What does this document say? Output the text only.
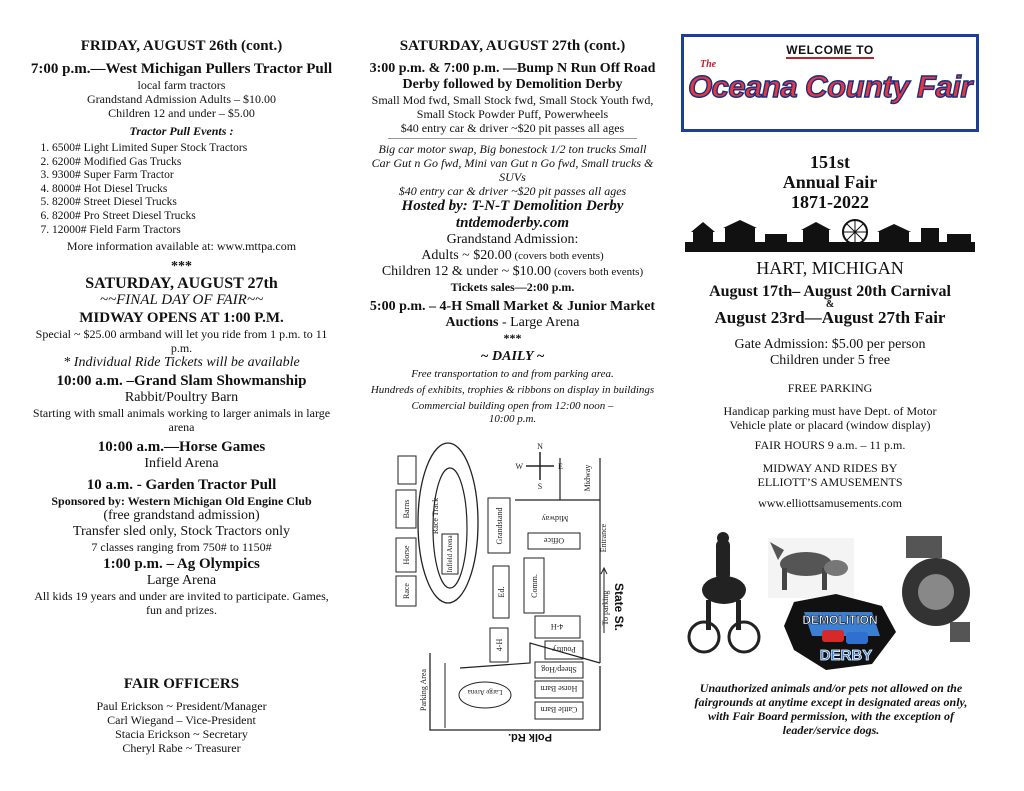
FRIDAY, AUGUST 26th (cont.)
7:00 p.m.—West Michigan Pullers Tractor Pull
local farm tractors
Grandstand Admission Adults – $10.00
Children 12 and under – $5.00
Tractor Pull Events :
1. 6500# Light Limited Super Stock Tractors
2. 6200# Modified Gas Trucks
3. 9300# Super Farm Tractor
4. 8000# Hot Diesel Trucks
5. 8200# Street Diesel Trucks
6. 8200# Pro Street Diesel Trucks
7. 12000# Field Farm Tractors
More information available at: www.mttpa.com
***
SATURDAY, AUGUST 27th
~~FINAL DAY OF FAIR~~
MIDWAY OPENS AT 1:00 P.M.
Special ~ $25.00 armband will let you ride from 1 p.m. to 11 p.m.
* Individual Ride Tickets will be available
10:00 a.m. –Grand Slam Showmanship
Rabbit/Poultry Barn
Starting with small animals working to larger animals in large arena
10:00 a.m.—Horse Games
Infield Arena
10 a.m. - Garden Tractor Pull
Sponsored by: Western Michigan Old Engine Club
(free grandstand admission)
Transfer sled only, Stock Tractors only
7 classes ranging from 750# to 1150#
1:00 p.m. – Ag Olympics
Large Arena
All kids 19 years and under are invited to participate. Games, fun and prizes.
FAIR OFFICERS
Paul Erickson ~ President/Manager
Carl Wiegand – Vice-President
Stacia Erickson ~ Secretary
Cheryl Rabe ~ Treasurer
SATURDAY, AUGUST 27th (cont.)
3:00 p.m. & 7:00 p.m. —Bump N Run Off Road Derby followed by Demolition Derby
Small Mod fwd, Small Stock fwd, Small Stock Youth fwd, Small Stock Powder Puff, Powerwheels
$40 entry car & driver ~$20 pit passes all ages
Big car motor swap, Big bonestock 1/2 ton trucks Small Car Gut n Go fwd, Mini van Gut n Go fwd, Small trucks & SUVs
$40 entry car & driver ~$20 pit passes all ages
Hosted by: T-N-T Demolition Derby
tntdemoderby.com
Grandstand Admission:
Adults ~ $20.00 (covers both events)
Children 12 & under ~ $10.00 (covers both events)
Tickets sales—2:00 p.m.
5:00 p.m. – 4-H Small Market & Junior Market Auctions - Large Arena
***
~ DAILY ~
Free transportation to and from parking area.
Hundreds of exhibits, trophies & ribbons on display in buildings
Commercial building open from 12:00 noon – 10:00 p.m.
N
S
W	E
Barns
Horse
Race
Race Track
Infield Arena
Grandstand	Midway
Midway
Office	Entrance
Ed.	Comm.
4-H
4-H
To parking
Poultry
Sheep/Hog
Horse Barn
Cattle Barn
Parking Area	Large Arena
State St.
Polk Rd.
WELCOME TO
The
Oceana County Fair
151st
Annual Fair
1871-2022
HART, MICHIGAN
August 17th– August 20th Carnival
&
August 23rd—August 27th Fair
Gate Admission: $5.00 per person
Children under 5 free
FREE PARKING
Handicap parking must have Dept. of Motor Vehicle plate or placard (window display)
FAIR HOURS 9 a.m. – 11 p.m.
MIDWAY AND RIDES BY ELLIOTT’S AMUSEMENTS
www.elliottsamusements.com
DEMOLITION
DERBY
Unauthorized animals and/or pets not allowed on the fairgrounds at anytime except in designated areas only, with Fair Board permission, with the exception of leader/service dogs.
